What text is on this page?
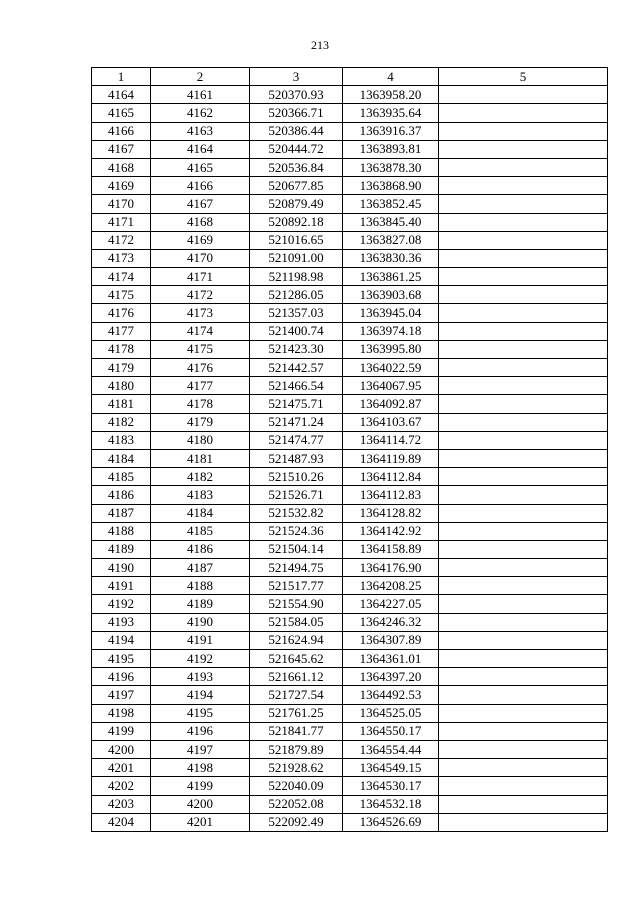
213
1	2	3	4	5
4164	4161	520370.93	1363958.20	
4165	4162	520366.71	1363935.64	
4166	4163	520386.44	1363916.37	
4167	4164	520444.72	1363893.81	
4168	4165	520536.84	1363878.30	
4169	4166	520677.85	1363868.90	
4170	4167	520879.49	1363852.45	
4171	4168	520892.18	1363845.40	
4172	4169	521016.65	1363827.08	
4173	4170	521091.00	1363830.36	
4174	4171	521198.98	1363861.25	
4175	4172	521286.05	1363903.68	
4176	4173	521357.03	1363945.04	
4177	4174	521400.74	1363974.18	
4178	4175	521423.30	1363995.80	
4179	4176	521442.57	1364022.59	
4180	4177	521466.54	1364067.95	
4181	4178	521475.71	1364092.87	
4182	4179	521471.24	1364103.67	
4183	4180	521474.77	1364114.72	
4184	4181	521487.93	1364119.89	
4185	4182	521510.26	1364112.84	
4186	4183	521526.71	1364112.83	
4187	4184	521532.82	1364128.82	
4188	4185	521524.36	1364142.92	
4189	4186	521504.14	1364158.89	
4190	4187	521494.75	1364176.90	
4191	4188	521517.77	1364208.25	
4192	4189	521554.90	1364227.05	
4193	4190	521584.05	1364246.32	
4194	4191	521624.94	1364307.89	
4195	4192	521645.62	1364361.01	
4196	4193	521661.12	1364397.20	
4197	4194	521727.54	1364492.53	
4198	4195	521761.25	1364525.05	
4199	4196	521841.77	1364550.17	
4200	4197	521879.89	1364554.44	
4201	4198	521928.62	1364549.15	
4202	4199	522040.09	1364530.17	
4203	4200	522052.08	1364532.18	
4204	4201	522092.49	1364526.69	
